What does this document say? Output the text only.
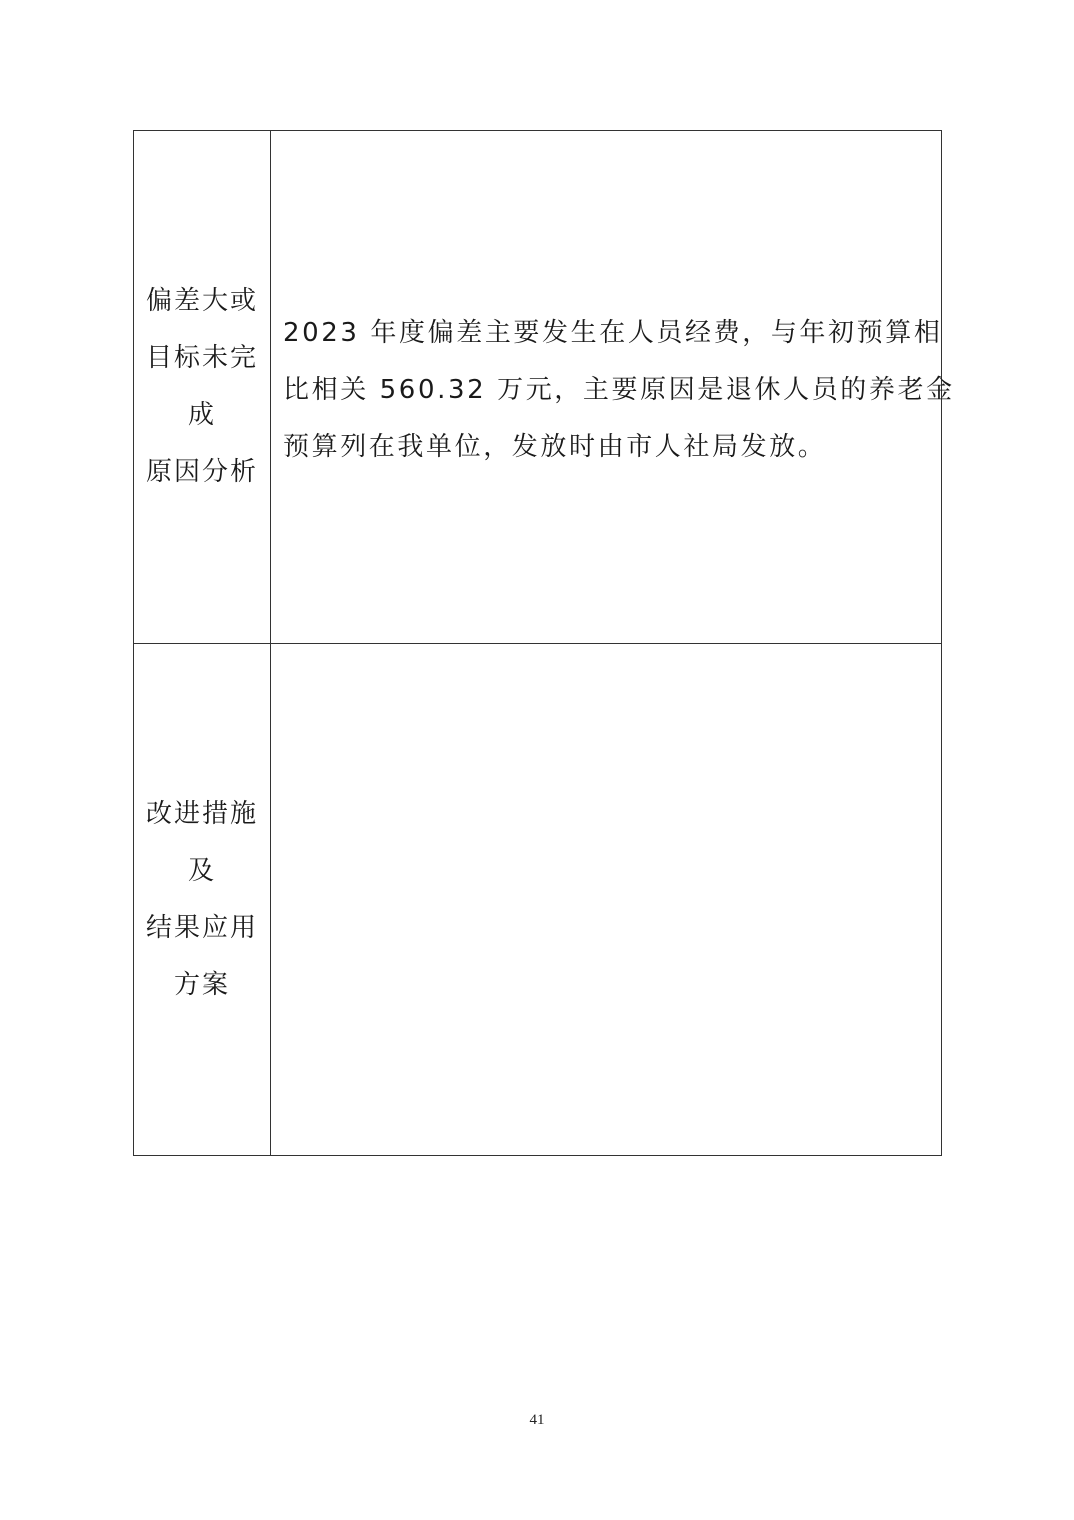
偏差大或
目标未完
成
原因分析
2023 年度偏差主要发生在人员经费，与年初预算相
比相关 560.32 万元，主要原因是退休人员的养老金
预算列在我单位，发放时由市人社局发放。
改进措施
及
结果应用
方案
41
